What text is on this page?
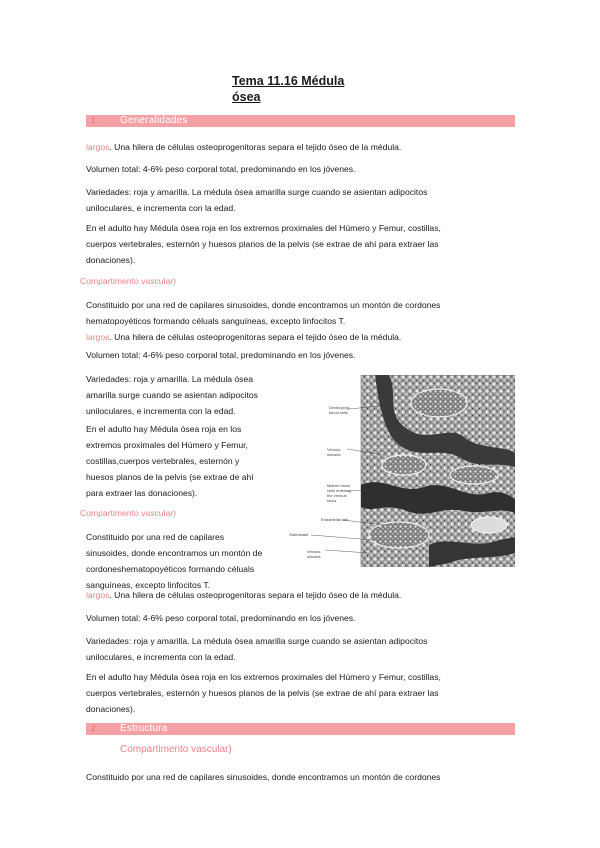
Tema 11.16 Médula
ósea
1. Generalidades

largos. Una hilera de células osteoprogenitoras separa el tejido óseo de la médula.

Volumen total: 4-6% peso corporal total, predominando en los jóvenes.

Variedades: roja y amarilla. La médula ósea amarilla surge cuando se asientan adipocitos
uniloculares, e incrementa con la edad.

En el adulto hay Médula ósea roja en los extremos proximales del Húmero y Femur, costillas,
cuerpos vertebrales, esternón y huesos planos de la pelvis (se extrae de ahí para extraer las
donaciones).

Compartimento vascular)

Constituido por una red de capilares sinusoides, donde encontramos un montón de cordones
hematopoyéticos formando céluals sanguíneas, excepto linfocitos T.
largos. Una hilera de células osteoprogenitoras separa el tejido óseo de la médula.

Volumen total: 4-6% peso corporal total, predominando en los jóvenes.

Variedades: roja y amarilla. La médula ósea
amarilla surge cuando se asientan adipocitos
uniloculares, e incrementa con la edad.

En el adulto hay Médula ósea roja en los
extremos proximales del Húmero y Femur,
costillas,cuerpos vertebrales, esternón y
huesos planos de la pelvis (se extrae de ahí
para extraer las donaciones).

Compartimento vascular)

Constituido por una red de capilares
sinusoides, donde encontramos un montón de
cordoneshematopoyéticos formando céluals
sanguíneas, excepto linfocitos T.

Developing blood cells
Venous sinuses
Mature blood cells entering the venous sinus
Endothelial cell
Osteoblast
Venous sinuses

largos. Una hilera de células osteoprogenitoras separa el tejido óseo de la médula.

Volumen total: 4-6% peso corporal total, predominando en los jóvenes.

Variedades: roja y amarilla. La médula ósea amarilla surge cuando se asientan adipocitos
uniloculares, e incrementa con la edad.

En el adulto hay Médula ósea roja en los extremos proximales del Húmero y Femur, costillas,
cuerpos vertebrales, esternón y huesos planos de la pelvis (se extrae de ahí para extraer las
donaciones).

2. Estructura
Compartimento vascular)

Constituido por una red de capilares sinusoides, donde encontramos un montón de cordones
